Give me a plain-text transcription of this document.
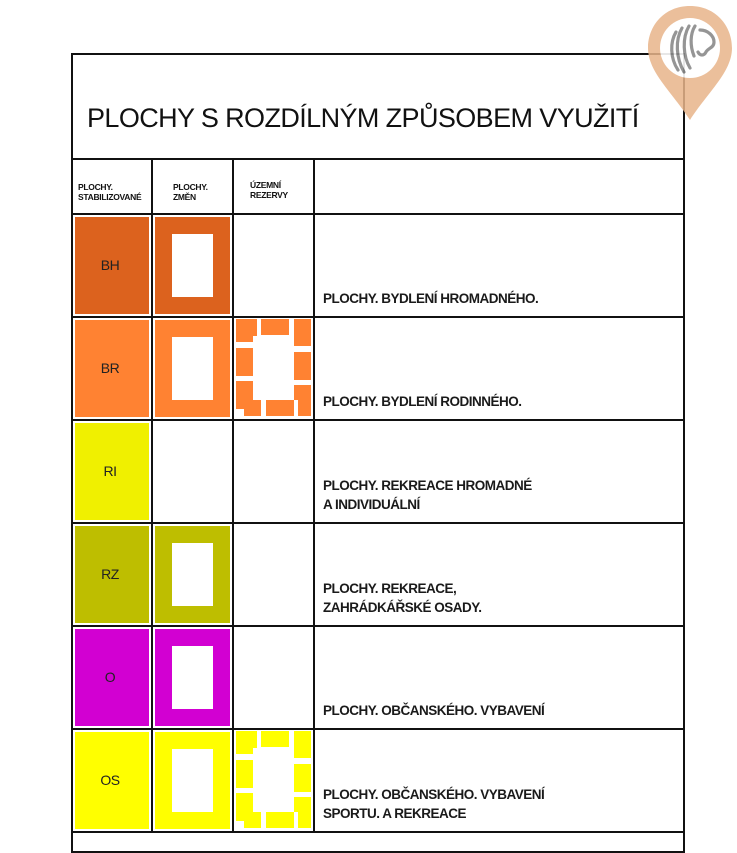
PLOCHY S ROZDÍLNÝM ZPŮSOBEM VYUŽITÍ
PLOCHY.
STABILIZOVANÉ
PLOCHY.
ZMĚN
ÚZEMNÍ
REZERVY
BH
PLOCHY. BYDLENÍ HROMADNÉHO.
BR
PLOCHY. BYDLENÍ RODINNÉHO.
RI
PLOCHY. REKREACE HROMADNÉ
A INDIVIDUÁLNÍ
RZ
PLOCHY. REKREACE,
ZAHRÁDKÁŘSKÉ OSADY.
O
PLOCHY. OBČANSKÉHO. VYBAVENÍ
OS
PLOCHY. OBČANSKÉHO. VYBAVENÍ
SPORTU. A REKREACE
